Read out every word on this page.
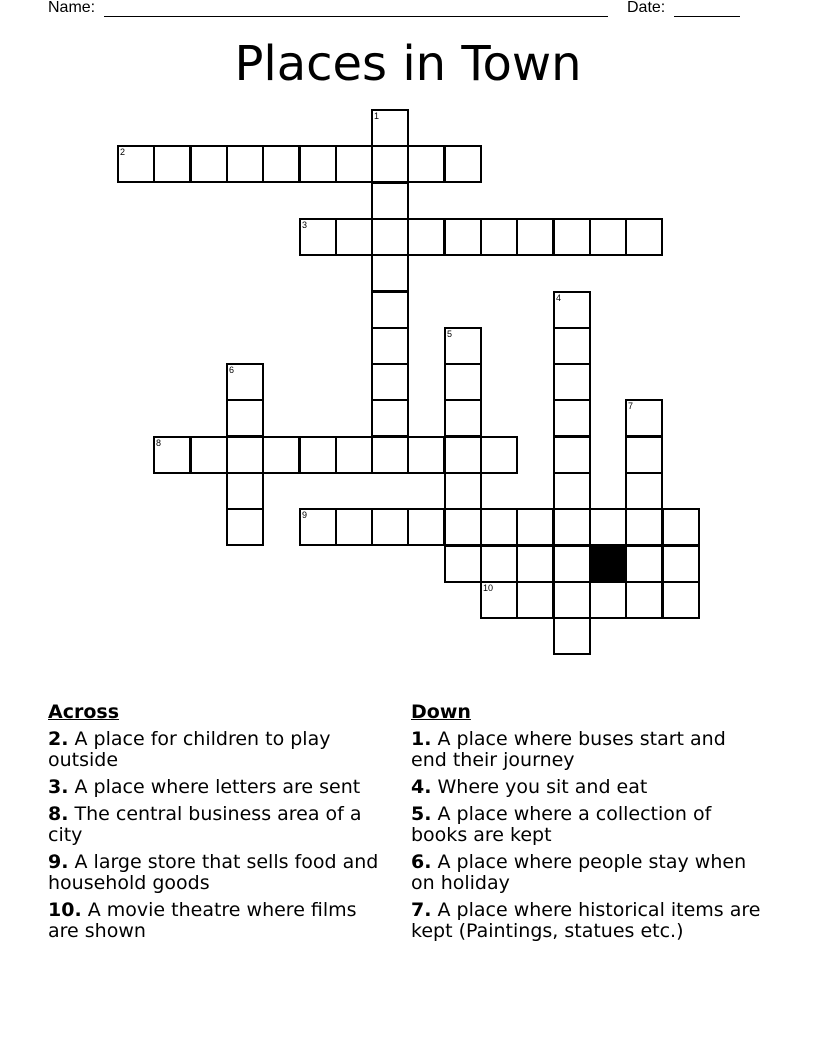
Name:	Date:
Places in Town
2
3
8
9
10
1
4
5
6
7
Across
2. A place for children to play outside
3. A place where letters are sent
8. The central business area of a city
9. A large store that sells food and household goods
10. A movie theatre where films are shown
Down
1. A place where buses start and end their journey
4. Where you sit and eat
5. A place where a collection of books are kept
6. A place where people stay when on holiday
7. A place where historical items are kept (Paintings, statues etc.)
